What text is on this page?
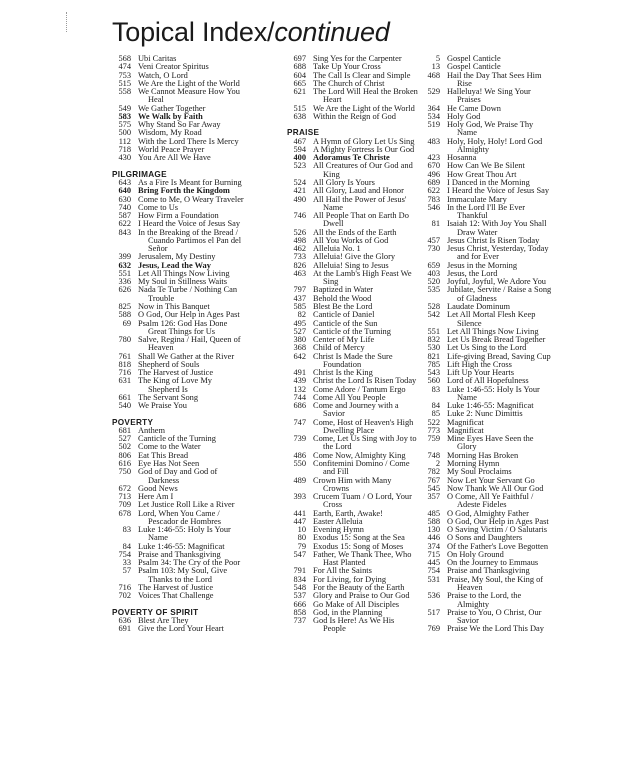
Topical Index/continued
568 Ubi Caritas
474 Veni Creator Spiritus
753 Watch, O Lord
515 We Are the Light of the World
558 We Cannot Measure How You
Heal
549 We Gather Together
583 We Walk by Faith
575 Why Stand So Far Away
500 Wisdom, My Road
112 With the Lord There Is Mercy
718 World Peace Prayer
430 You Are All We Have
PILGRIMAGE
643 As a Fire Is Meant for Burning
640 Bring Forth the Kingdom
630 Come to Me, O Weary Traveler
740 Come to Us
587 How Firm a Foundation
622 I Heard the Voice of Jesus Say
843 In the Breaking of the Bread /
Cuando Partimos el Pan del
Señor
399 Jerusalem, My Destiny
632 Jesus, Lead the Way
551 Let All Things Now Living
336 My Soul in Stillness Waits
626 Nada Te Turbe / Nothing Can
Trouble
825 Now in This Banquet
588 O God, Our Help in Ages Past
69 Psalm 126: God Has Done
Great Things for Us
780 Salve, Regina / Hail, Queen of
Heaven
761 Shall We Gather at the River
818 Shepherd of Souls
716 The Harvest of Justice
631 The King of Love My
Shepherd Is
661 The Servant Song
540 We Praise You
POVERTY
681 Anthem
527 Canticle of the Turning
502 Come to the Water
806 Eat This Bread
616 Eye Has Not Seen
750 God of Day and God of
Darkness
672 Good News
713 Here Am I
709 Let Justice Roll Like a River
678 Lord, When You Came /
Pescador de Hombres
83 Luke 1:46-55: Holy Is Your
Name
84 Luke 1:46-55: Magnificat
754 Praise and Thanksgiving
33 Psalm 34: The Cry of the Poor
57 Psalm 103: My Soul, Give
Thanks to the Lord
716 The Harvest of Justice
702 Voices That Challenge
POVERTY OF SPIRIT
636 Blest Are They
691 Give the Lord Your Heart
697 Sing Yes for the Carpenter
688 Take Up Your Cross
604 The Call Is Clear and Simple
665 The Church of Christ
621 The Lord Will Heal the Broken
Heart
515 We Are the Light of the World
638 Within the Reign of God
PRAISE
467 A Hymn of Glory Let Us Sing
594 A Mighty Fortress Is Our God
400 Adoramus Te Christe
523 All Creatures of Our God and
King
524 All Glory Is Yours
421 All Glory, Laud and Honor
490 All Hail the Power of Jesus'
Name
746 All People That on Earth Do
Dwell
526 All the Ends of the Earth
498 All You Works of God
462 Alleluia No. 1
733 Alleluia! Give the Glory
826 Alleluia! Sing to Jesus
463 At the Lamb's High Feast We
Sing
797 Baptized in Water
437 Behold the Wood
585 Blest Be the Lord
82 Canticle of Daniel
495 Canticle of the Sun
527 Canticle of the Turning
380 Center of My Life
368 Child of Mercy
642 Christ Is Made the Sure
Foundation
491 Christ Is the King
439 Christ the Lord Is Risen Today
132 Come Adore / Tantum Ergo
744 Come All You People
686 Come and Journey with a
Savior
747 Come, Host of Heaven's High
Dwelling Place
739 Come, Let Us Sing with Joy to
the Lord
486 Come Now, Almighty King
550 Confitemini Domino / Come
and Fill
489 Crown Him with Many
Crowns
393 Crucem Tuam / O Lord, Your
Cross
441 Earth, Earth, Awake!
447 Easter Alleluia
10 Evening Hymn
80 Exodus 15: Song at the Sea
79 Exodus 15: Song of Moses
547 Father, We Thank Thee, Who
Hast Planted
791 For All the Saints
834 For Living, for Dying
548 For the Beauty of the Earth
537 Glory and Praise to Our God
666 Go Make of All Disciples
858 God, in the Planning
737 God Is Here! As We His
People
5 Gospel Canticle
13 Gospel Canticle
468 Hail the Day That Sees Him
Rise
529 Halleluya! We Sing Your
Praises
364 He Came Down
534 Holy God
519 Holy God, We Praise Thy
Name
483 Holy, Holy, Holy! Lord God
Almighty
423 Hosanna
670 How Can We Be Silent
496 How Great Thou Art
689 I Danced in the Morning
622 I Heard the Voice of Jesus Say
783 Immaculate Mary
546 In the Lord I'll Be Ever
Thankful
81 Isaiah 12: With Joy You Shall
Draw Water
457 Jesus Christ Is Risen Today
730 Jesus Christ, Yesterday, Today
and for Ever
659 Jesus in the Morning
403 Jesus, the Lord
520 Joyful, Joyful, We Adore You
535 Jubilate, Servite / Raise a Song
of Gladness
528 Laudate Dominum
542 Let All Mortal Flesh Keep
Silence
551 Let All Things Now Living
832 Let Us Break Bread Together
530 Let Us Sing to the Lord
821 Life-giving Bread, Saving Cup
785 Lift High the Cross
543 Lift Up Your Hearts
560 Lord of All Hopefulness
83 Luke 1:46-55: Holy Is Your
Name
84 Luke 1:46-55: Magnificat
85 Luke 2: Nunc Dimittis
522 Magnificat
773 Magnificat
759 Mine Eyes Have Seen the
Glory
748 Morning Has Broken
2 Morning Hymn
782 My Soul Proclaims
767 Now Let Your Servant Go
545 Now Thank We All Our God
357 O Come, All Ye Faithful /
Adeste Fideles
485 O God, Almighty Father
588 O God, Our Help in Ages Past
130 O Saving Victim / O Salutaris
446 O Sons and Daughters
374 Of the Father's Love Begotten
715 On Holy Ground
445 On the Journey to Emmaus
754 Praise and Thanksgiving
531 Praise, My Soul, the King of
Heaven
536 Praise to the Lord, the
Almighty
517 Praise to You, O Christ, Our
Savior
769 Praise We the Lord This Day
